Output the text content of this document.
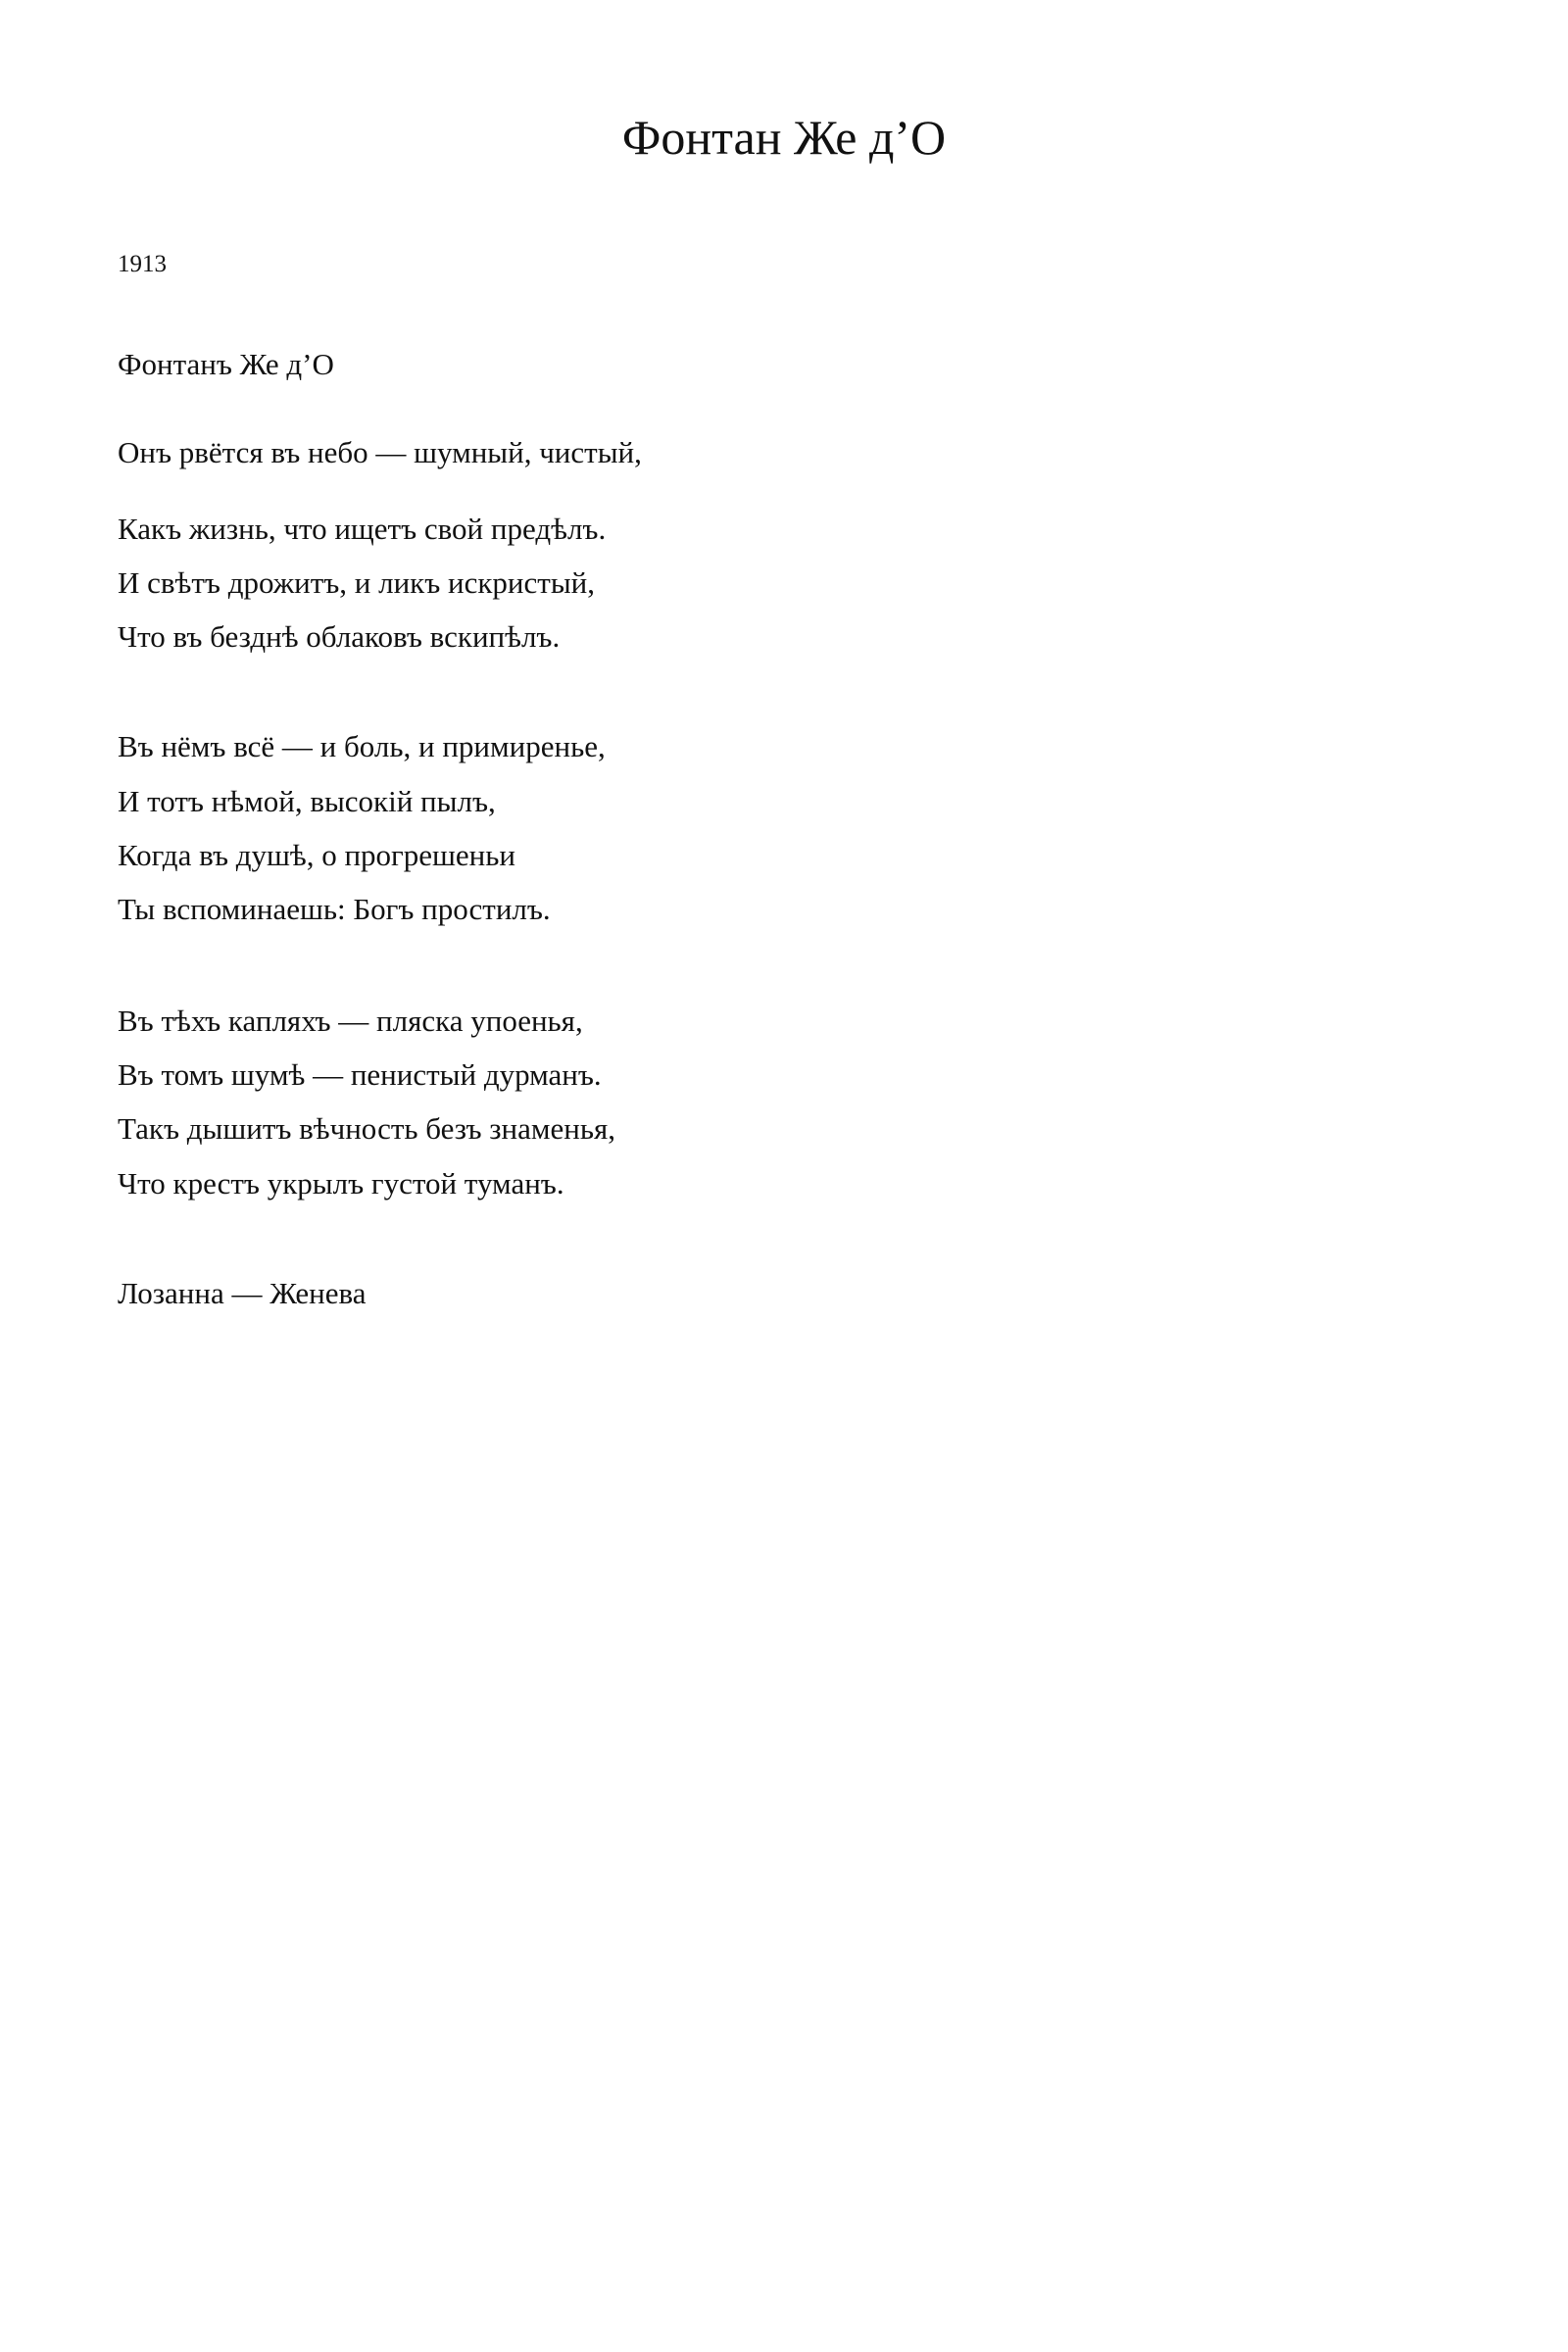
Фонтан Же д’О

1913

Фонтанъ Же д’О

Онъ рвётся въ небо — шумный, чистый,

Какъ жизнь, что ищетъ свой предѣлъ.

И свѣтъ дрожитъ, и ликъ искристый,

Что въ безднѣ облаковъ вскипѣлъ.

Въ нёмъ всё — и боль, и примиренье,

И тотъ нѣмой, высокій пылъ,

Когда въ душѣ, о прогрешеньи

Ты вспоминаешь: Богъ простилъ.

Въ тѣхъ капляхъ — пляска упоенья,

Въ томъ шумѣ — пенистый дурманъ.

Такъ дышитъ вѣчность безъ знаменья,

Что крестъ укрылъ густой туманъ.

Лозанна — Женева
